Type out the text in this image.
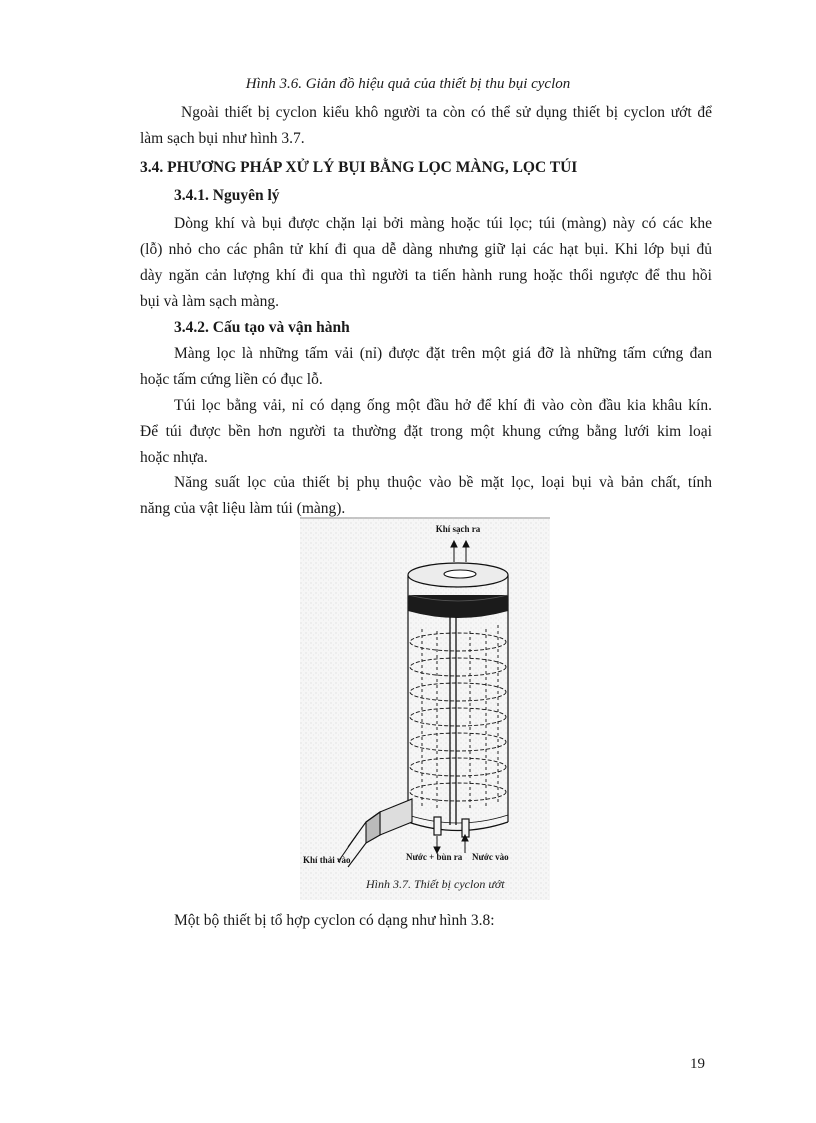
Hình 3.6. Giản đồ hiệu quả của thiết bị thu bụi cyclon
Ngoài thiết bị cyclon kiểu khô người ta còn có thể sử dụng thiết bị cyclon ướt để
làm sạch bụi như hình 3.7.
3.4. PHƯƠNG PHÁP XỬ LÝ BỤI BẰNG LỌC MÀNG, LỌC TÚI
3.4.1. Nguyên lý
Dòng khí và bụi được chặn lại bởi màng hoặc túi lọc; túi (màng) này có các khe
(lỗ) nhỏ cho các phân tử khí đi qua dễ dàng nhưng giữ lại các hạt bụi. Khi lớp bụi đủ
dày ngăn cản lượng khí đi qua thì người ta tiến hành rung hoặc thổi ngược để thu hồi
bụi và làm sạch màng.
3.4.2. Cấu tạo và vận hành
Màng lọc là những tấm vải (nỉ) được đặt trên một giá đỡ là những tấm cứng đan
hoặc tấm cứng liền có đục lỗ.
Túi lọc bằng vải, nỉ có dạng ống một đầu hở để khí đi vào còn đầu kia khâu kín.
Để túi được bền hơn người ta thường đặt trong một khung cứng bằng lưới kim loại
hoặc nhựa.
Năng suất lọc của thiết bị phụ thuộc vào bề mặt lọc, loại bụi và bản chất, tính
năng của vật liệu làm túi (màng).
Khí sạch ra
Khí thải vào	Nước + bùn ra Nước vào
Hình 3.7. Thiết bị cyclon ướt
Một bộ thiết bị tổ hợp cyclon có dạng như hình 3.8:
19
